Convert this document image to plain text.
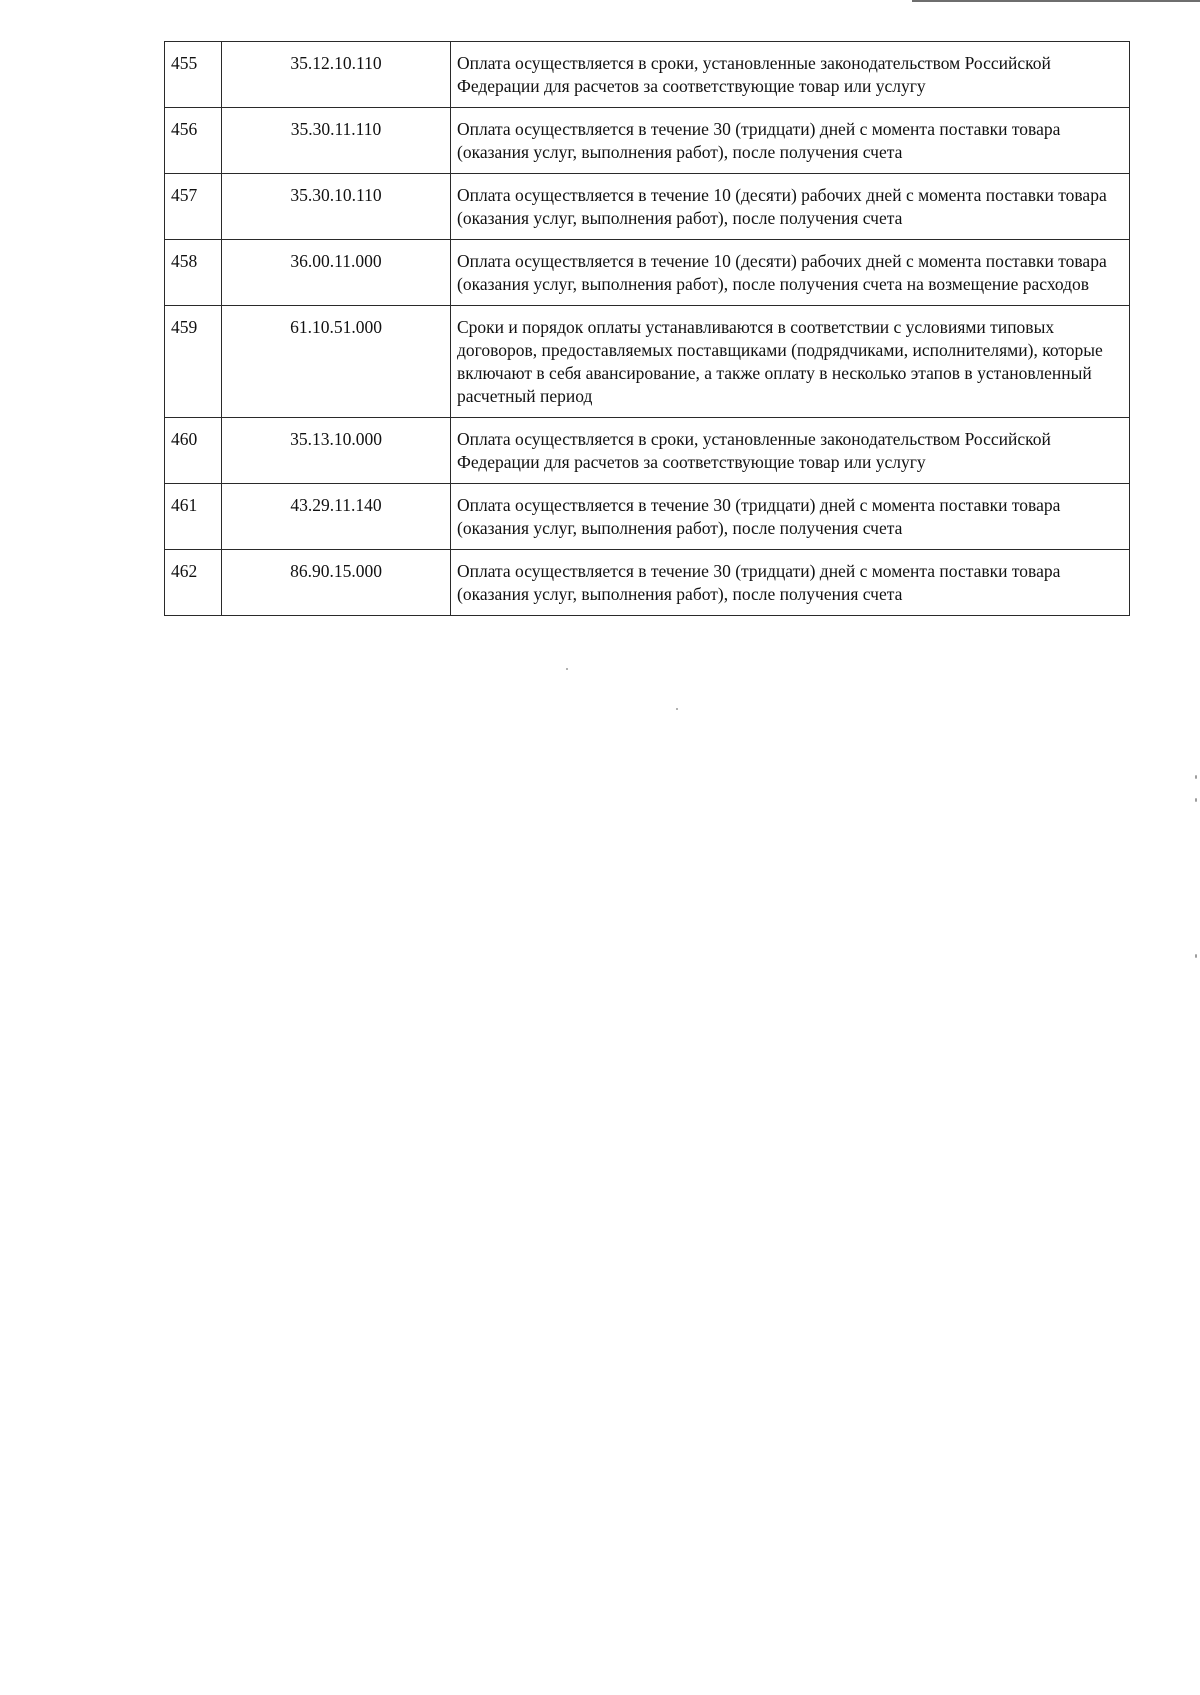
455	35.12.10.110	Оплата осуществляется в сроки, установленные законодательством Российской Федерации для расчетов за соответствующие товар или услугу
456	35.30.11.110	Оплата осуществляется в течение 30 (тридцати) дней с момента поставки товара (оказания услуг, выполнения работ), после получения счета
457	35.30.10.110	Оплата осуществляется в течение 10 (десяти) рабочих дней с момента поставки товара (оказания услуг, выполнения работ), после получения счета
458	36.00.11.000	Оплата осуществляется в течение 10 (десяти) рабочих дней с момента поставки товара (оказания услуг, выполнения работ), после получения счета на возмещение расходов
459	61.10.51.000	Сроки и порядок оплаты устанавливаются в соответствии с условиями типовых договоров, предоставляемых поставщиками (подрядчиками, исполнителями), которые включают в себя авансирование, а также оплату в несколько этапов в установленный расчетный период
460	35.13.10.000	Оплата осуществляется в сроки, установленные законодательством Российской Федерации для расчетов за соответствующие товар или услугу
461	43.29.11.140	Оплата осуществляется в течение 30 (тридцати) дней с момента поставки товара (оказания услуг, выполнения работ), после получения счета
462	86.90.15.000	Оплата осуществляется в течение 30 (тридцати) дней с момента поставки товара (оказания услуг, выполнения работ), после получения счета
